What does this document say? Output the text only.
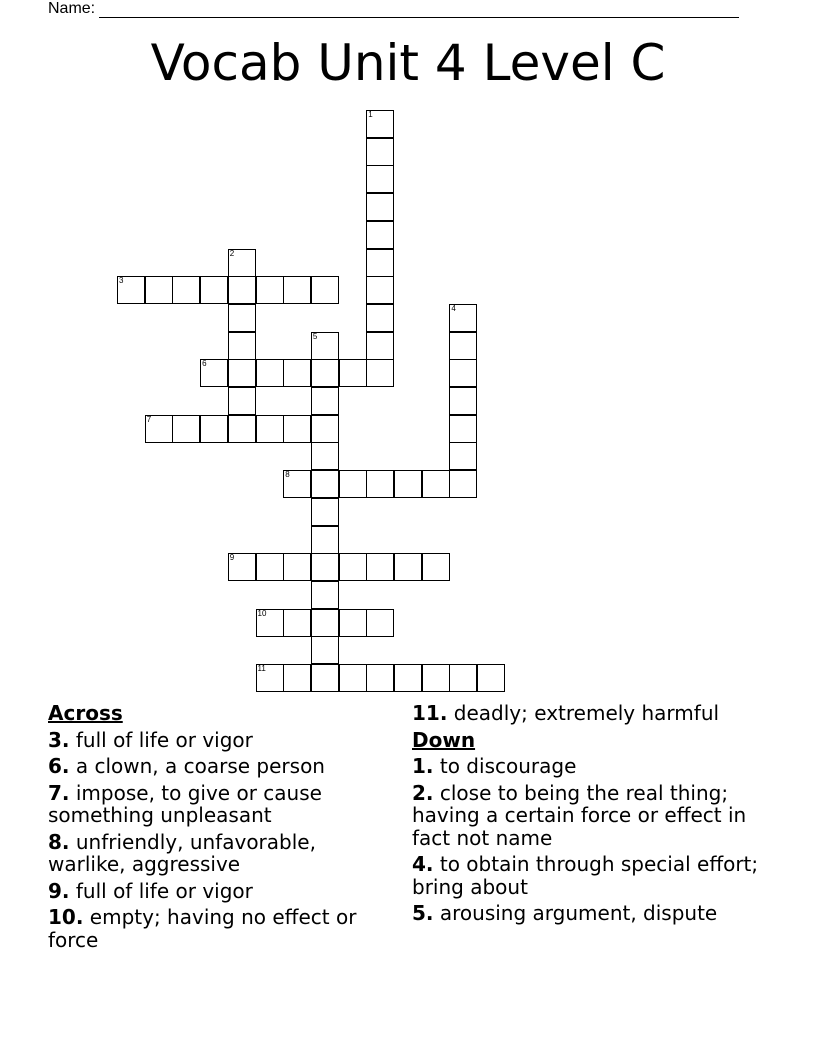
Name:
Vocab Unit 4 Level C
1
2
3
4
5
6
7
8
9
10
11
Across
3. full of life or vigor
6. a clown, a coarse person
7. impose, to give or cause something unpleasant
8. unfriendly, unfavorable, warlike, aggressive
9. full of life or vigor
10. empty; having no effect or force
11. deadly; extremely harmful
Down
1. to discourage
2. close to being the real thing; having a certain force or effect in fact not name
4. to obtain through special effort; bring about
5. arousing argument, dispute
